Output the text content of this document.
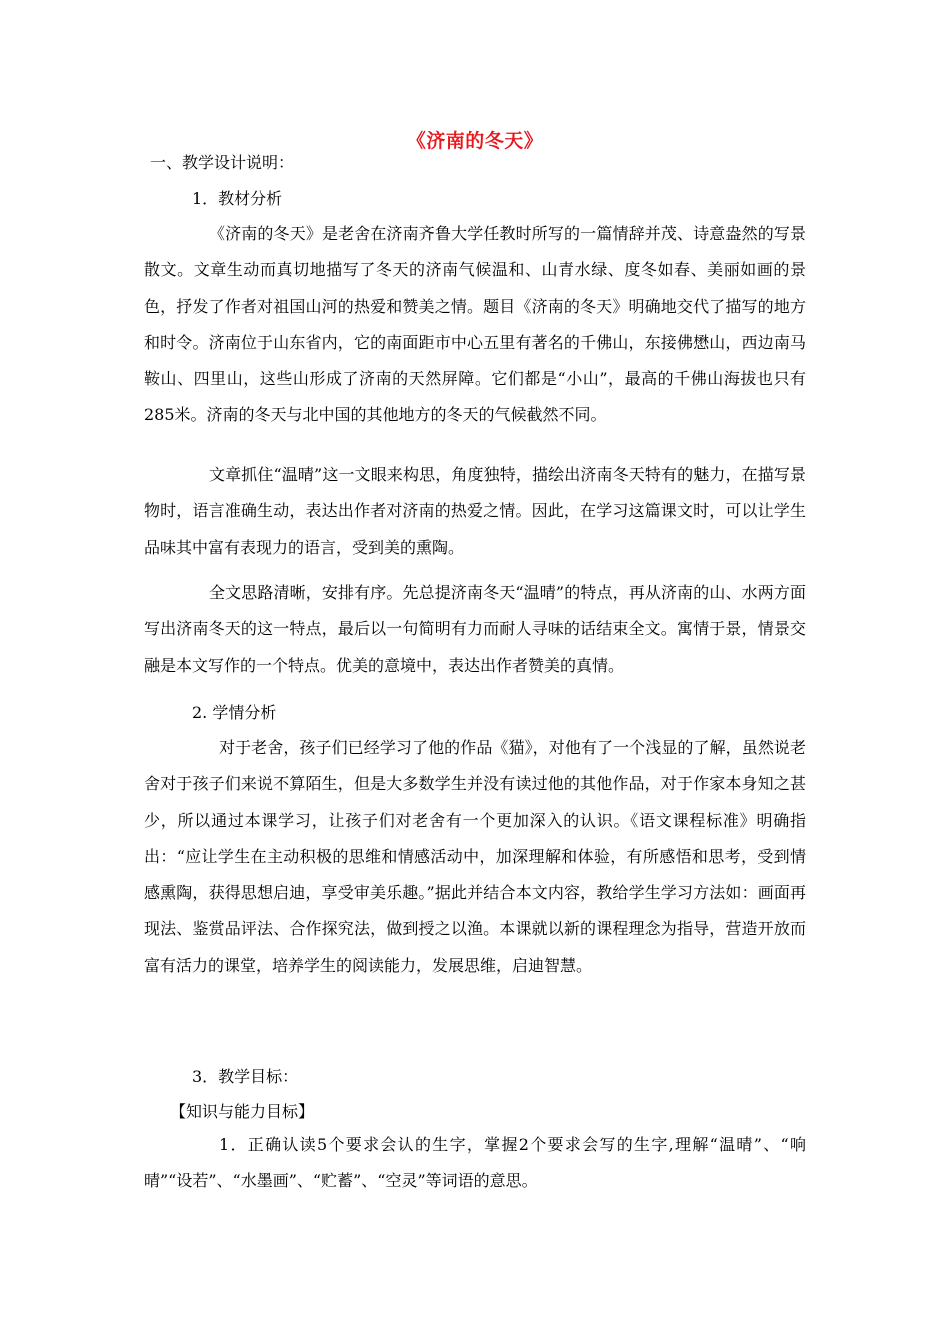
《济南的冬天》
一、教学设计说明：
1．教材分析

《济南的冬天》是老舍在济南齐鲁大学任教时所写的一篇情辞并茂、诗意盎然的写景散文。文章生动而真切地描写了冬天的济南气候温和、山青水绿、度冬如春、美丽如画的景色，抒发了作者对祖国山河的热爱和赞美之情。题目《济南的冬天》明确地交代了描写的地方和时令。济南位于山东省内，它的南面距市中心五里有著名的千佛山，东接佛懋山，西边南马鞍山、四里山，这些山形成了济南的天然屏障。它们都是“小山”，最高的千佛山海拔也只有285米。济南的冬天与北中国的其他地方的冬天的气候截然不同。

文章抓住“温晴”这一文眼来构思，角度独特，描绘出济南冬天特有的魅力，在描写景物时，语言准确生动，表达出作者对济南的热爱之情。因此，在学习这篇课文时，可以让学生品味其中富有表现力的语言，受到美的熏陶。

全文思路清晰，安排有序。先总提济南冬天“温晴”的特点，再从济南的山、水两方面写出济南冬天的这一特点，最后以一句简明有力而耐人寻味的话结束全文。寓情于景，情景交融是本文写作的一个特点。优美的意境中，表达出作者赞美的真情。

2. 学情分析

对于老舍，孩子们已经学习了他的作品《猫》，对他有了一个浅显的了解，虽然说老舍对于孩子们来说不算陌生，但是大多数学生并没有读过他的其他作品，对于作家本身知之甚少，所以通过本课学习，让孩子们对老舍有一个更加深入的认识。《语文课程标准》明确指出：“应让学生在主动积极的思维和情感活动中，加深理解和体验，有所感悟和思考，受到情感熏陶，获得思想启迪，享受审美乐趣。”据此并结合本文内容，教给学生学习方法如：画面再现法、鉴赏品评法、合作探究法，做到授之以渔。本课就以新的课程理念为指导，营造开放而富有活力的课堂，培养学生的阅读能力，发展思维，启迪智慧。

3．教学目标：
【知识与能力目标】

1．正确认读5个要求会认的生字，掌握2个要求会写的生字,理解“温晴”、“响晴”“设若”、“水墨画”、“贮蓄”、“空灵”等词语的意思。
